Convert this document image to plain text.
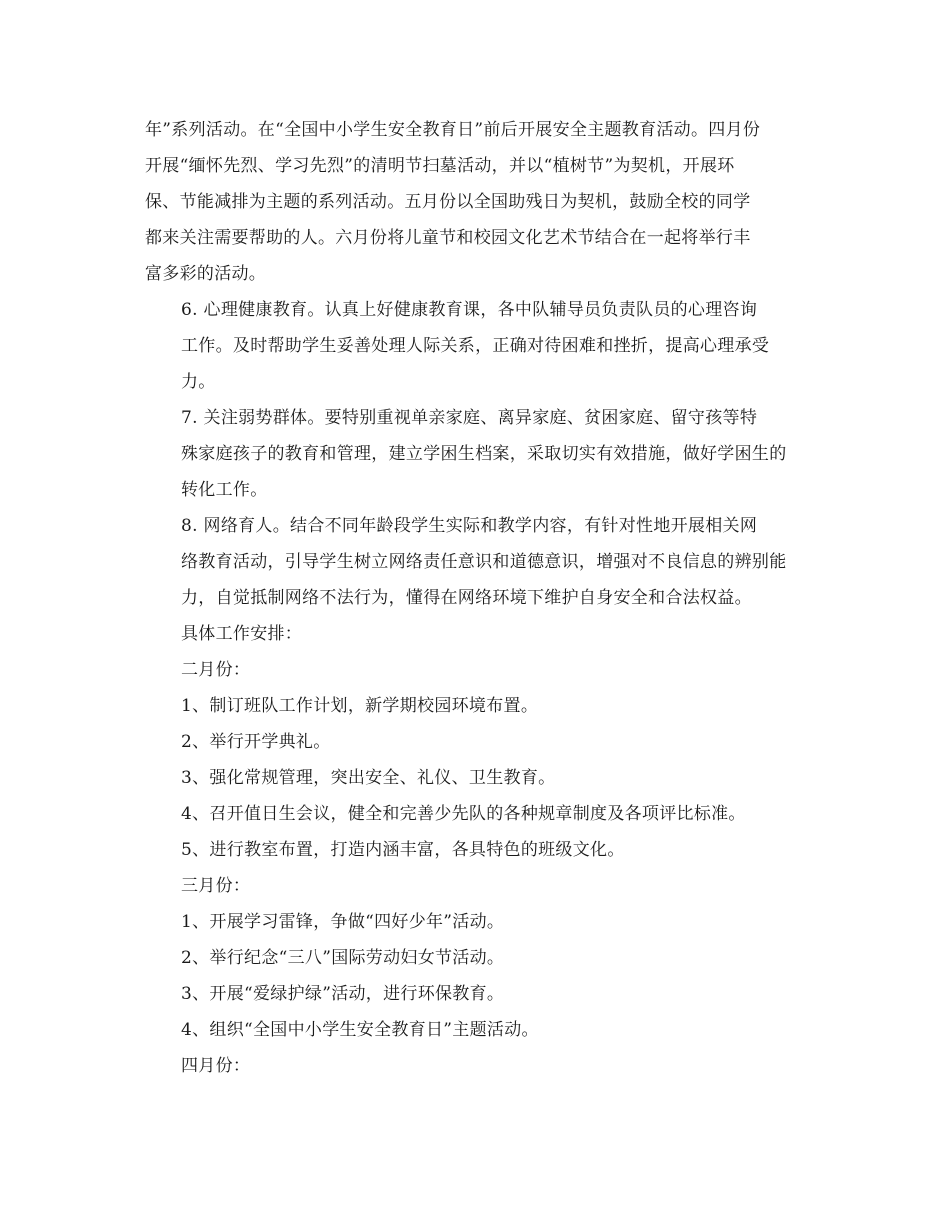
年”系列活动。在“全国中小学生安全教育日”前后开展安全主题教育活动。四月份
开展“缅怀先烈、学习先烈”的清明节扫墓活动，并以“植树节”为契机，开展环
保、节能减排为主题的系列活动。五月份以全国助残日为契机，鼓励全校的同学
都来关注需要帮助的人。六月份将儿童节和校园文化艺术节结合在一起将举行丰
富多彩的活动。

6. 心理健康教育。认真上好健康教育课，各中队辅导员负责队员的心理咨询
工作。及时帮助学生妥善处理人际关系，正确对待困难和挫折，提高心理承受
力。

7. 关注弱势群体。要特别重视单亲家庭、离异家庭、贫困家庭、留守孩等特
殊家庭孩子的教育和管理，建立学困生档案，采取切实有效措施，做好学困生的
转化工作。

8. 网络育人。结合不同年龄段学生实际和教学内容，有针对性地开展相关网
络教育活动，引导学生树立网络责任意识和道德意识，增强对不良信息的辨别能
力，自觉抵制网络不法行为，懂得在网络环境下维护自身安全和合法权益。

具体工作安排：

二月份：

1、制订班队工作计划，新学期校园环境布置。

2、举行开学典礼。

3、强化常规管理，突出安全、礼仪、卫生教育。

4、召开值日生会议，健全和完善少先队的各种规章制度及各项评比标准。

5、进行教室布置，打造内涵丰富，各具特色的班级文化。

三月份：

1、开展学习雷锋，争做“四好少年”活动。

2、举行纪念“三八”国际劳动妇女节活动。

3、开展“爱绿护绿”活动，进行环保教育。

4、组织“全国中小学生安全教育日”主题活动。

四月份：
